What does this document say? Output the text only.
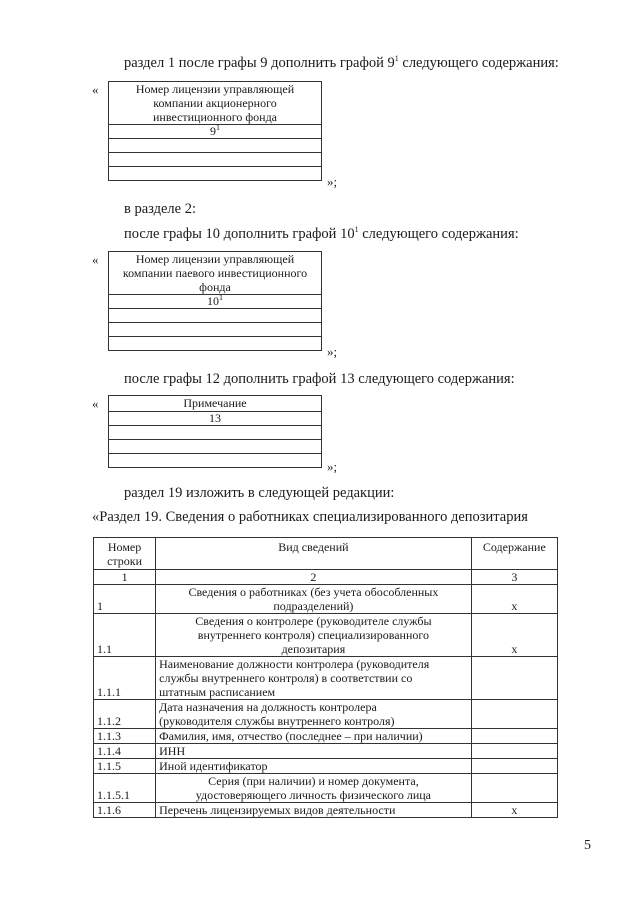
раздел 1 после графы 9 дополнить графой $9^1$ следующего содержания:
«	Номер лицензии управляющей
компании акционерного
инвестиционного фонда

$9^1$

»;
в разделе 2:
после графы 10 дополнить графой $10^1$ следующего содержания:
«	Номер лицензии управляющей
компании паевого инвестиционного
фонда

$10^1$

»;
после графы 12 дополнить графой 13 следующего содержания:
Примечание
13

«
»;
раздел 19 изложить в следующей редакции:
«Раздел 19. Сведения о работниках специализированного депозитария
Номер
строки	Вид сведений	Содержание
1	2	3
1	Сведения о работниках (без учета обособленных
подразделений)	x
1.1	Сведения о контролере (руководителе службы
внутреннего контроля) специализированного
депозитария	x
1.1.1	Наименование должности контролера (руководителя
службы внутреннего контроля) в соответствии со
штатным расписанием	

1.1.2	Дата назначения на должность контролера
(руководителя службы внутреннего контроля)	

1.1.3	Фамилия, имя, отчество (последнее – при наличии)	
1.1.4	ИНН	
1.1.5	Иной идентификатор	
1.1.5.1	Серия (при наличии) и номер документа,
удостоверяющего личность физического лица	

1.1.6	Перечень лицензируемых видов деятельности	x
5
